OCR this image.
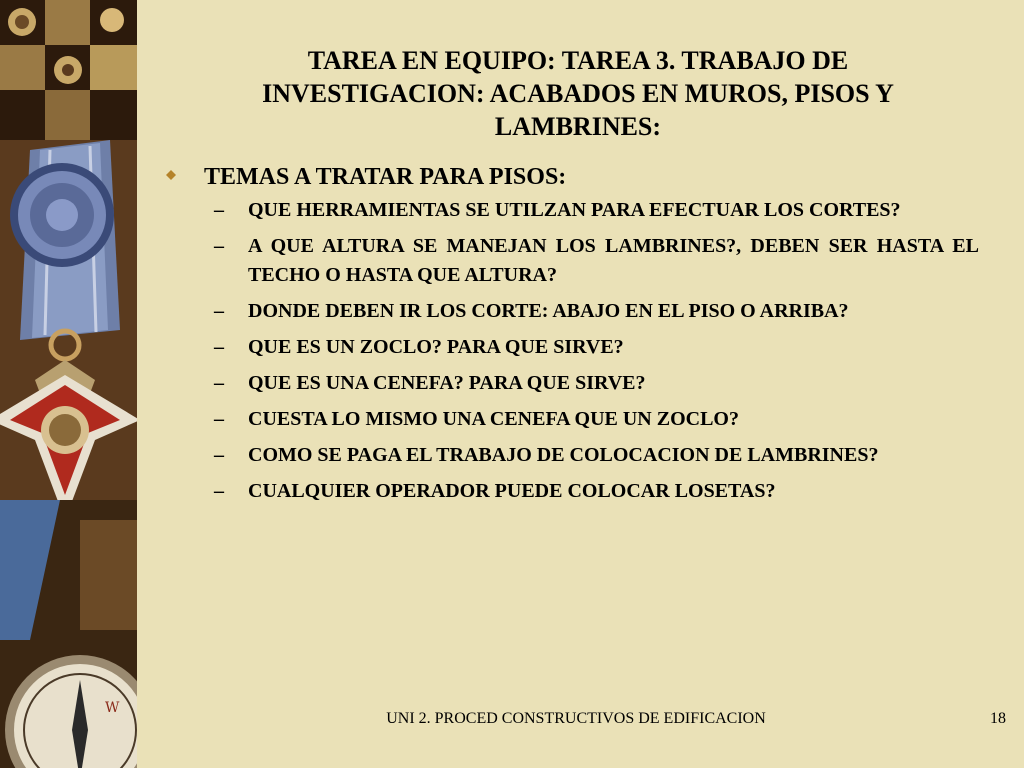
W
TAREA EN EQUIPO: TAREA 3. TRABAJO DE INVESTIGACION: ACABADOS EN MUROS, PISOS Y LAMBRINES:
TEMAS A TRATAR PARA PISOS:
– QUE HERRAMIENTAS SE UTILZAN PARA EFECTUAR LOS CORTES?
– A QUE ALTURA SE MANEJAN LOS LAMBRINES?, DEBEN SER HASTA EL TECHO O HASTA QUE ALTURA?
– DONDE DEBEN IR LOS CORTE: ABAJO EN EL PISO O ARRIBA?
– QUE ES UN ZOCLO? PARA QUE SIRVE?
– QUE ES UNA CENEFA? PARA QUE SIRVE?
– CUESTA LO MISMO UNA CENEFA QUE UN ZOCLO?
– COMO SE PAGA EL TRABAJO DE COLOCACION DE LAMBRINES?
– CUALQUIER OPERADOR PUEDE COLOCAR LOSETAS?
UNI 2. PROCED CONSTRUCTIVOS DE EDIFICACION	18
